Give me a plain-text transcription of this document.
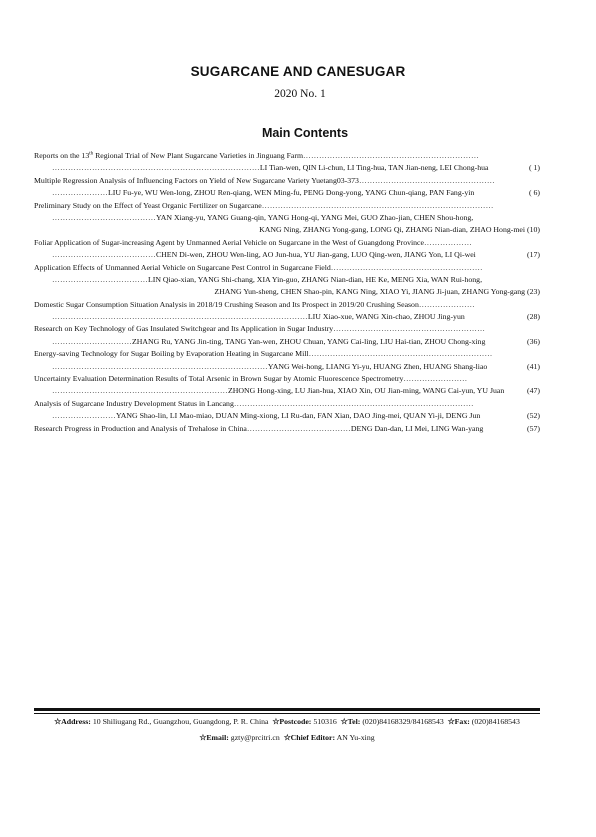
SUGARCANE AND CANESUGAR
2020 No. 1
Main Contents
Reports on the 13th Regional Trial of New Plant Sugarcane Varieties in Jinguang Farm…………………………………………………………
……………………………………………………………………LI Tian-wen, QIN Li-chun, LI Ting-hua, TAN Jian-neng, LEI Chong-hua	( 1)
Multiple Regression Analysis of Influencing Factors on Yield of New Sugarcane Variety Yuetang03-373……………………………………………
…………………LIU Fu-ye, WU Wen-long, ZHOU Ren-qiang, WEN Ming-fu, PENG Dong-yong, YANG Chun-qiang, PAN Fang-yin	( 6)
Preliminary Study on the Effect of Yeast Organic Fertilizer on Sugarcane……………………………………………………………………………
…………………………………YAN Xiang-yu, YANG Guang-qin, YANG Hong-qi, YANG Mei, GUO Zhao-jian, CHEN Shou-hong,
KANG Ning, ZHANG Yong-gang, LONG Qi, ZHANG Nian-dian, ZHAO Hong-mei (10)
Foliar Application of Sugar-increasing Agent by Unmanned Aerial Vehicle on Sugarcane in the West of Guangdong Province………………
…………………………………CHEN Di-wen, ZHOU Wen-ling, AO Jun-hua, YU Jian-gang, LUO Qing-wen, JIANG Yon, LI Qi-wei	(17)
Application Effects of Unmanned Aerial Vehicle on Sugarcane Pest Control in Sugarcane Field…………………………………………………
………………………………LIN Qiao-xian, YANG Shi-chang, XIA Yin-guo, ZHANG Nian-dian, HE Ke, MENG Xia, WAN Rui-hong,
ZHANG Yun-sheng, CHEN Shao-pin, KANG Ning, XIAO Yi, JIANG Ji-juan, ZHANG Yong-gang (23)
Domestic Sugar Consumption Situation Analysis in 2018/19 Crushing Season and Its Prospect in 2019/20 Crushing Season…………………
……………………………………………………………………………………LIU Xiao-xue, WANG Xin-chao, ZHOU Jing-yun	(28)
Research on Key Technology of Gas Insulated Switchgear and Its Application in Sugar Industry…………………………………………………
…………………………ZHANG Ru, YANG Jin-ting, TANG Yan-wen, ZHOU Chuan, YANG Cai-ling, LIU Hai-tian, ZHOU Chong-xing	(36)
Energy-saving Technology for Sugar Boiling by Evaporation Heating in Sugarcane Mill……………………………………………………………
………………………………………………………………………YANG Wei-hong, LIANG Yi-yu, HUANG Zhen, HUANG Shang-liao	(41)
Uncertainty Evaluation Determination Results of Total Arsenic in Brown Sugar by Atomic Fluorescence Spectrometry……………………
…………………………………………………………ZHONG Hong-xing, LU Jian-hua, XIAO Xin, OU Jian-ming, WANG Cai-yun, YU Juan	(47)
Analysis of Sugarcane Industry Development Status in Lancang………………………………………………………………………………
……………………YANG Shao-lin, LI Mao-miao, DUAN Ming-xiong, LI Ru-dan, FAN Xian, DAO Jing-mei, QUAN Yi-ji, DENG Jun	(52)
Research Progress in Production and Analysis of Trehalose in China…………………………………DENG Dan-dan, LI Mei, LING Wan-yang	(57)
☆Address: 10 Shiliugang Rd., Guangzhou, Guangdong, P. R. China ☆Postcode: 510316 ☆Tel: (020)84168329/84168543 ☆Fax: (020)84168543
☆Email: gzty@prcitri.cn ☆Chief Editor: AN Yu-xing
